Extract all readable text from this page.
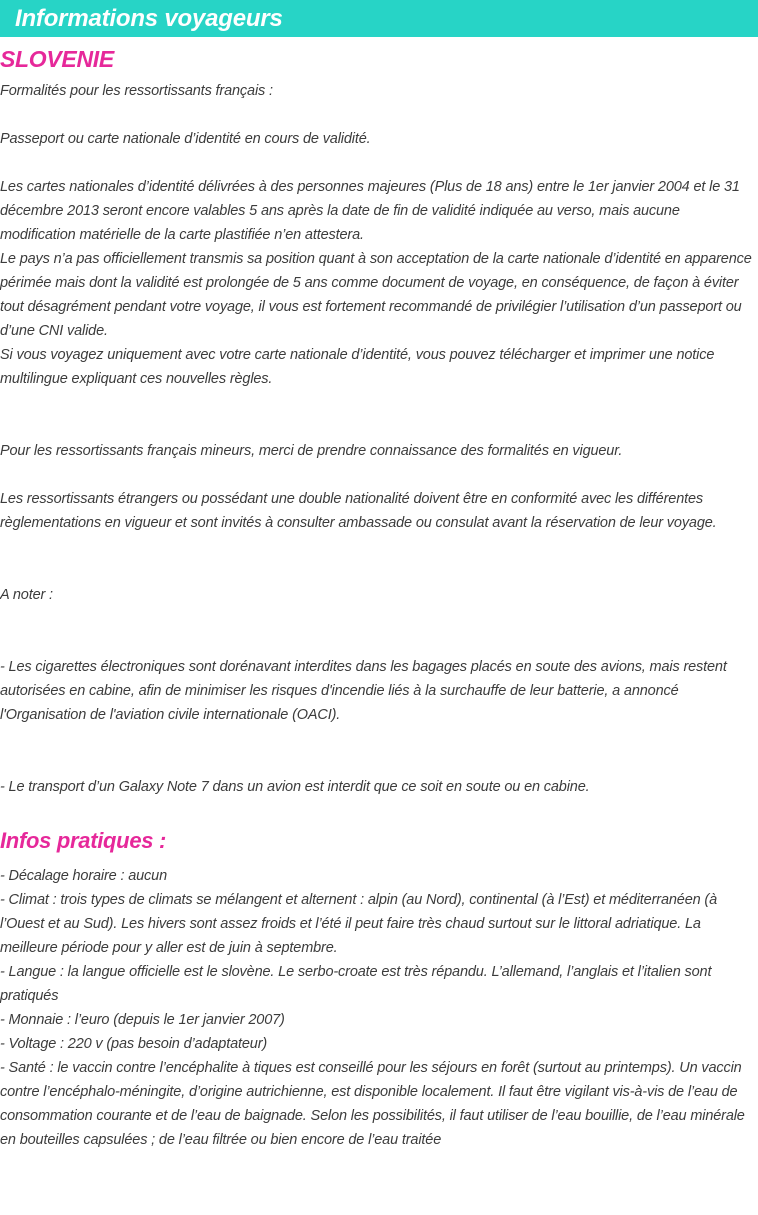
Informations voyageurs
SLOVENIE

Formalités pour les ressortissants français :

Passeport ou carte nationale d’identité en cours de validité.

Les cartes nationales d’identité délivrées à des personnes majeures (Plus de 18 ans) entre le 1er janvier 2004 et le 31 décembre 2013 seront encore valables 5 ans après la date de fin de validité indiquée au verso, mais aucune modification matérielle de la carte plastifiée n’en attestera.

Le pays n’a pas officiellement transmis sa position quant à son acceptation de la carte nationale d’identité en apparence périmée mais dont la validité est prolongée de 5 ans comme document de voyage, en conséquence, de façon à éviter tout désagrément pendant votre voyage, il vous est fortement recommandé de privilégier l’utilisation d’un passeport ou d’une CNI valide.

Si vous voyagez uniquement avec votre carte nationale d’identité, vous pouvez télécharger et imprimer une notice multilingue expliquant ces nouvelles règles.

Pour les ressortissants français mineurs, merci de prendre connaissance des formalités en vigueur.

Les ressortissants étrangers ou possédant une double nationalité doivent être en conformité avec les différentes règlementations en vigueur et sont invités à consulter ambassade ou consulat avant la réservation de leur voyage.

A noter :

- Les cigarettes électroniques sont dorénavant interdites dans les bagages placés en soute des avions, mais restent autorisées en cabine, afin de minimiser les risques d'incendie liés à la surchauffe de leur batterie, a annoncé l'Organisation de l'aviation civile internationale (OACI).

- Le transport d’un Galaxy Note 7 dans un avion est interdit que ce soit en soute ou en cabine.

Infos pratiques :

- Décalage horaire : aucun

- Climat : trois types de climats se mélangent et alternent : alpin (au Nord), continental (à l’Est) et méditerranéen (à l’Ouest et au Sud). Les hivers sont assez froids et l’été il peut faire très chaud surtout sur le littoral adriatique. La meilleure période pour y aller est de juin à septembre.

- Langue : la langue officielle est le slovène. Le serbo-croate est très répandu. L’allemand, l’anglais et l’italien sont pratiqués

- Monnaie : l’euro (depuis le 1er janvier 2007)

- Voltage : 220 v (pas besoin d’adaptateur)

- Santé : le vaccin contre l’encéphalite à tiques est conseillé pour les séjours en forêt (surtout au printemps). Un vaccin contre l’encéphalo-méningite, d’origine autrichienne, est disponible localement. Il faut être vigilant vis-à-vis de l’eau de consommation courante et de l’eau de baignade. Selon les possibilités, il faut utiliser de l’eau bouillie, de l’eau minérale en bouteilles capsulées ; de l’eau filtrée ou bien encore de l’eau traitée
